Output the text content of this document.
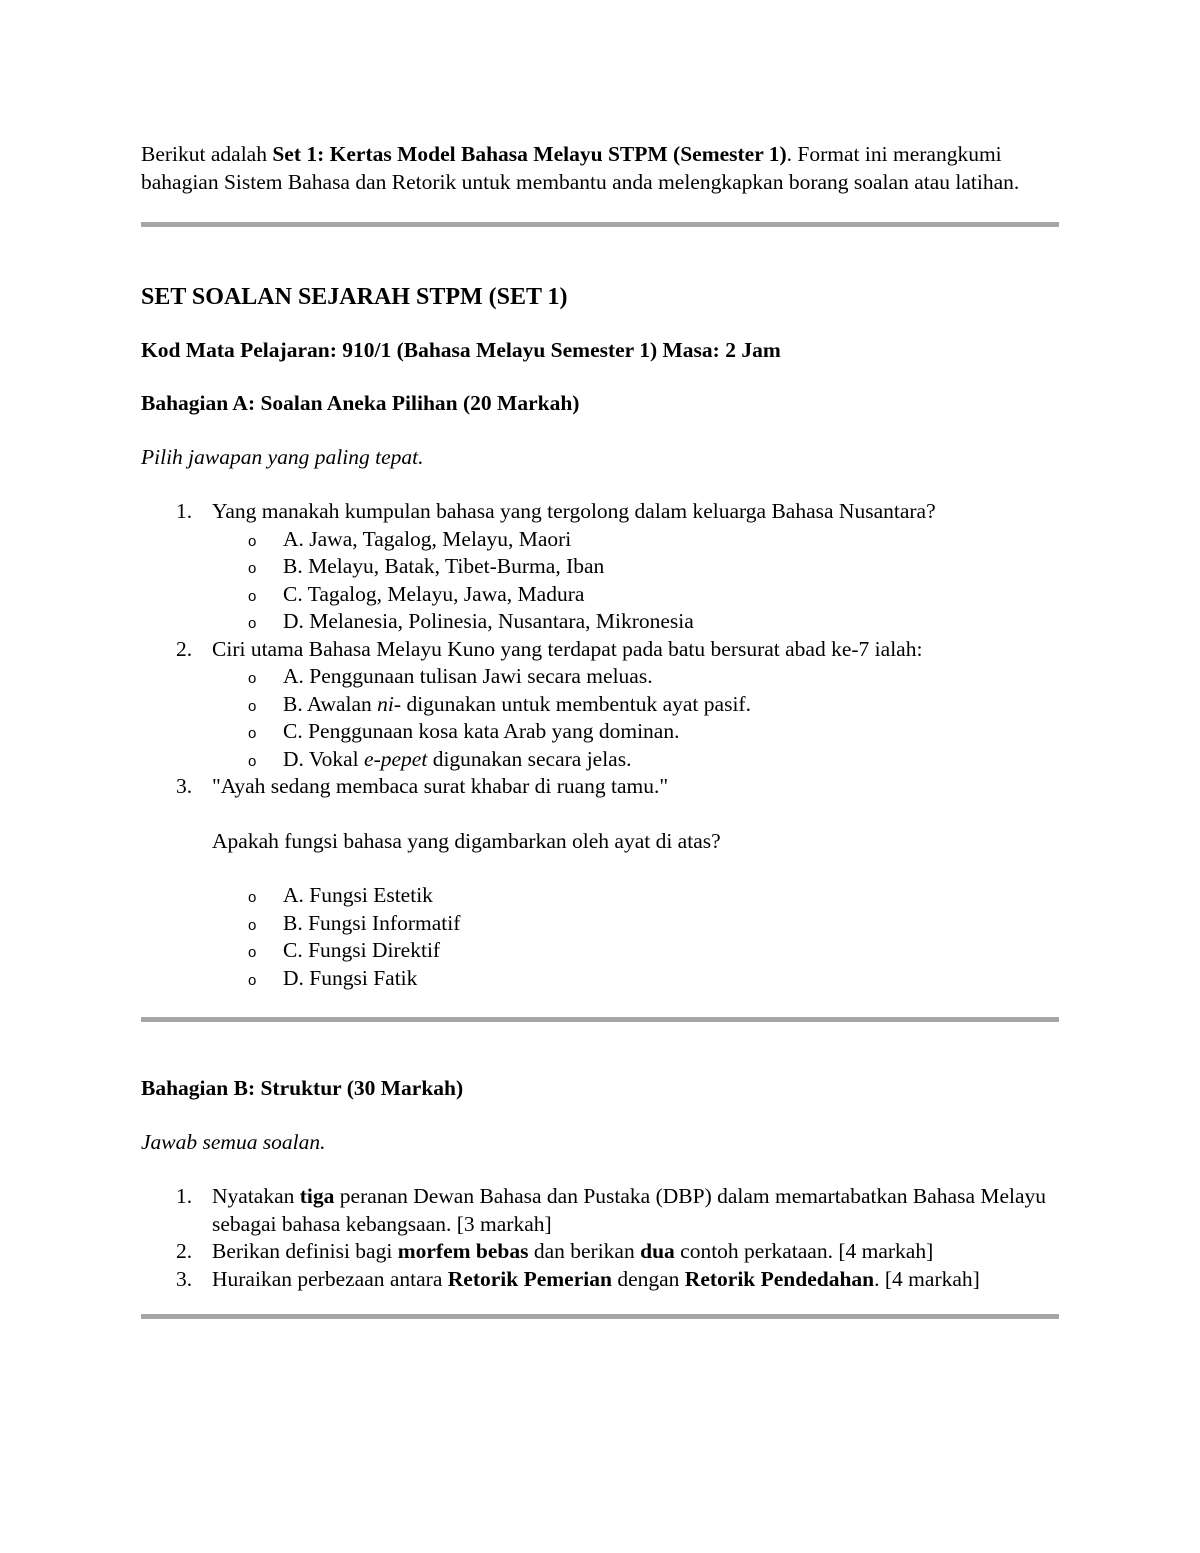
Berikut adalah Set 1: Kertas Model Bahasa Melayu STPM (Semester 1). Format ini merangkumi bahagian Sistem Bahasa dan Retorik untuk membantu anda melengkapkan borang soalan atau latihan.

SET SOALAN SEJARAH STPM (SET 1)

Kod Mata Pelajaran: 910/1 (Bahasa Melayu Semester 1) Masa: 2 Jam

Bahagian A: Soalan Aneka Pilihan (20 Markah)

Pilih jawapan yang paling tepat.

1. Yang manakah kumpulan bahasa yang tergolong dalam keluarga Bahasa Nusantara?
o A. Jawa, Tagalog, Melayu, Maori
o B. Melayu, Batak, Tibet-Burma, Iban
o C. Tagalog, Melayu, Jawa, Madura
o D. Melanesia, Polinesia, Nusantara, Mikronesia
2. Ciri utama Bahasa Melayu Kuno yang terdapat pada batu bersurat abad ke-7 ialah:
o A. Penggunaan tulisan Jawi secara meluas.
o B. Awalan ni- digunakan untuk membentuk ayat pasif.
o C. Penggunaan kosa kata Arab yang dominan.
o D. Vokal e-pepet digunakan secara jelas.
3. "Ayah sedang membaca surat khabar di ruang tamu."

Apakah fungsi bahasa yang digambarkan oleh ayat di atas?

o A. Fungsi Estetik
o B. Fungsi Informatif
o C. Fungsi Direktif
o D. Fungsi Fatik

Bahagian B: Struktur (30 Markah)

Jawab semua soalan.

1. Nyatakan tiga peranan Dewan Bahasa dan Pustaka (DBP) dalam memartabatkan Bahasa Melayu sebagai bahasa kebangsaan. [3 markah]
2. Berikan definisi bagi morfem bebas dan berikan dua contoh perkataan. [4 markah]
3. Huraikan perbezaan antara Retorik Pemerian dengan Retorik Pendedahan. [4 markah]
